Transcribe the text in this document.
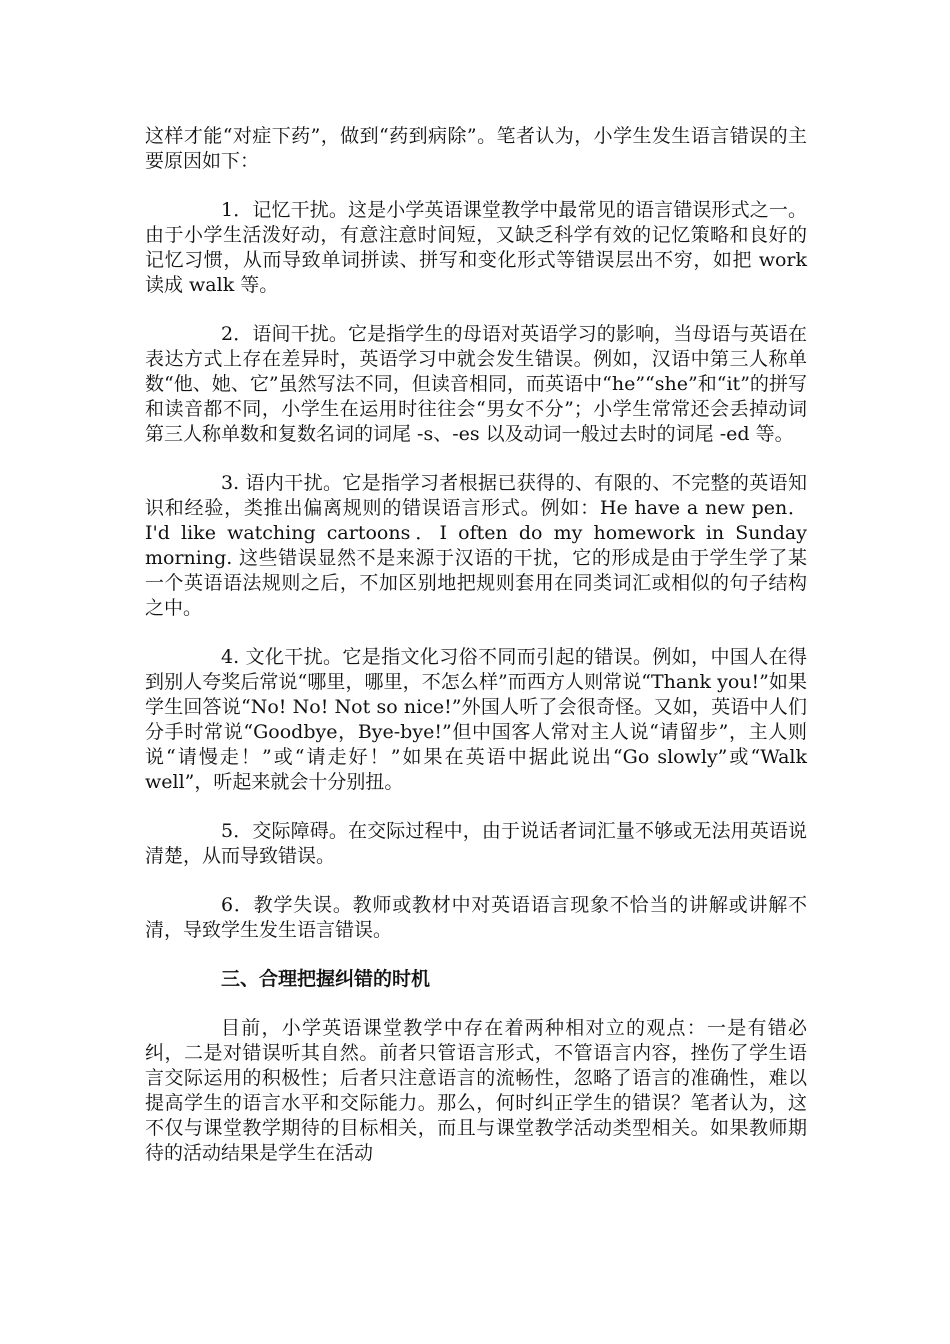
这样才能“对症下药”，做到“药到病除”。笔者认为，小学生发生语言错误的主要原因如下：

1．记忆干扰。这是小学英语课堂教学中最常见的语言错误形式之一。由于小学生活泼好动，有意注意时间短，又缺乏科学有效的记忆策略和良好的记忆习惯，从而导致单词拼读、拼写和变化形式等错误层出不穷，如把 work 读成 walk 等。

2．语间干扰。它是指学生的母语对英语学习的影响，当母语与英语在表达方式上存在差异时，英语学习中就会发生错误。例如，汉语中第三人称单数“他、她、它”虽然写法不同，但读音相同，而英语中“he”“she”和“it”的拼写和读音都不同，小学生在运用时往往会“男女不分”；小学生常常还会丢掉动词第三人称单数和复数名词的词尾 -s、-es 以及动词一般过去时的词尾 -ed 等。

3. 语内干扰。它是指学习者根据已获得的、有限的、不完整的英语知识和经验，类推出偏离规则的错误语言形式。例如：He have a new pen．I'd like watching cartoons．I often do my homework in Sunday morning. 这些错误显然不是来源于汉语的干扰，它的形成是由于学生学了某一个英语语法规则之后，不加区别地把规则套用在同类词汇或相似的句子结构之中。

4. 文化干扰。它是指文化习俗不同而引起的错误。例如，中国人在得到别人夸奖后常说“哪里，哪里，不怎么样”而西方人则常说“Thank you!”如果学生回答说“No! No! Not so nice!”外国人听了会很奇怪。又如，英语中人们分手时常说“Goodbye，Bye-bye!”但中国客人常对主人说“请留步”，主人则说“请慢走！”或“请走好！”如果在英语中据此说出“Go slowly”或“Walk well”，听起来就会十分别扭。

5．交际障碍。在交际过程中，由于说话者词汇量不够或无法用英语说清楚，从而导致错误。

6．教学失误。教师或教材中对英语语言现象不恰当的讲解或讲解不清，导致学生发生语言错误。

三、合理把握纠错的时机

目前，小学英语课堂教学中存在着两种相对立的观点：一是有错必纠，二是对错误听其自然。前者只管语言形式，不管语言内容，挫伤了学生语言交际运用的积极性；后者只注意语言的流畅性，忽略了语言的准确性，难以提高学生的语言水平和交际能力。那么，何时纠正学生的错误？笔者认为，这不仅与课堂教学期待的目标相关，而且与课堂教学活动类型相关。如果教师期待的活动结果是学生在活动
